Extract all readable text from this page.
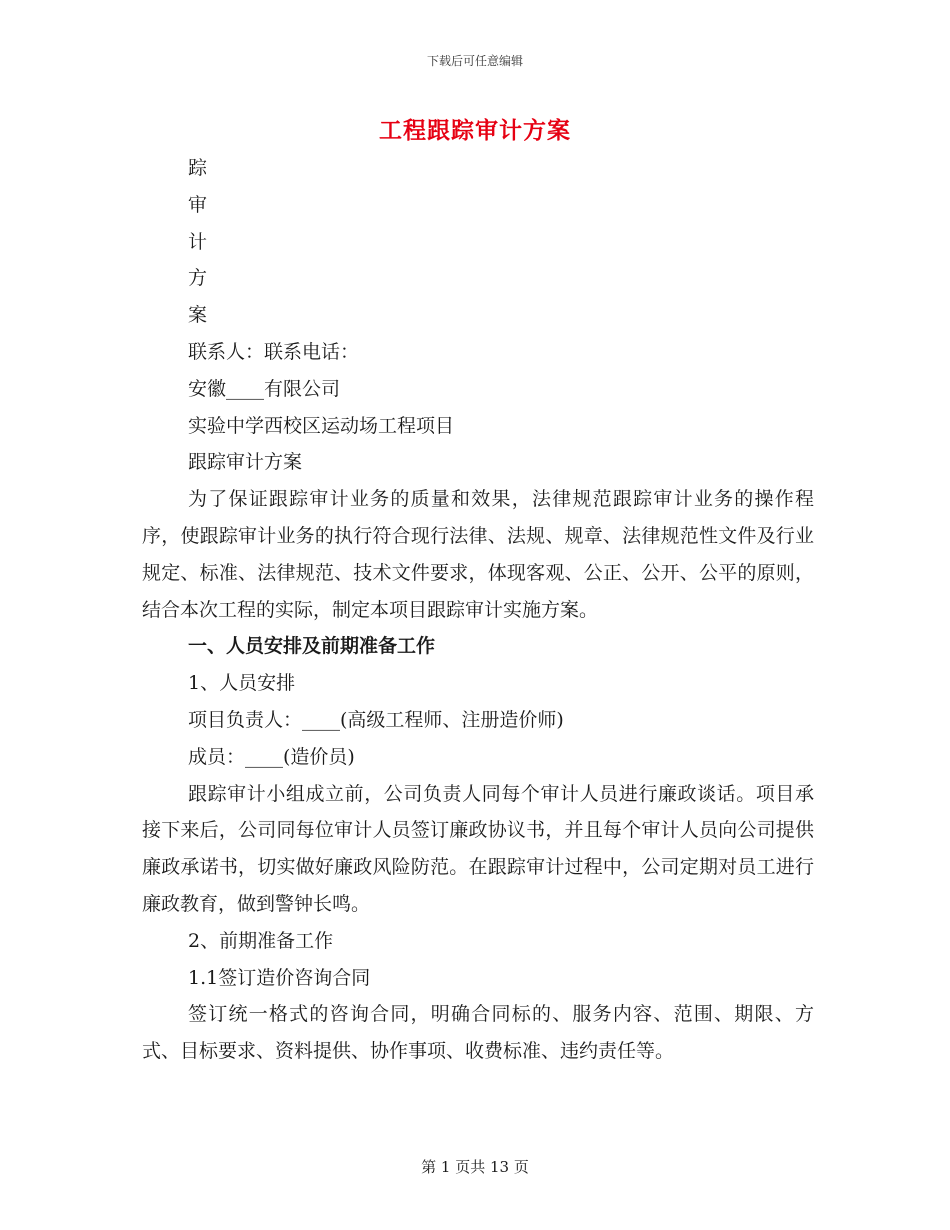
下载后可任意编辑
工程跟踪审计方案
踪
审
计
方
案
联系人：联系电话：
安徽____有限公司
实验中学西校区运动场工程项目
跟踪审计方案

为了保证跟踪审计业务的质量和效果，法律规范跟踪审计业务的操作程序，使跟踪审计业务的执行符合现行法律、法规、规章、法律规范性文件及行业规定、标准、法律规范、技术文件要求，体现客观、公正、公开、公平的原则，结合本次工程的实际，制定本项目跟踪审计实施方案。

一、人员安排及前期准备工作
1、人员安排
项目负责人：____(高级工程师、注册造价师)
成员：____(造价员)

跟踪审计小组成立前，公司负责人同每个审计人员进行廉政谈话。项目承接下来后，公司同每位审计人员签订廉政协议书，并且每个审计人员向公司提供廉政承诺书，切实做好廉政风险防范。在跟踪审计过程中，公司定期对员工进行廉政教育，做到警钟长鸣。

2、前期准备工作
1.1签订造价咨询合同

签订统一格式的咨询合同，明确合同标的、服务内容、范围、期限、方式、目标要求、资料提供、协作事项、收费标准、违约责任等。

第 1 页共 13 页
